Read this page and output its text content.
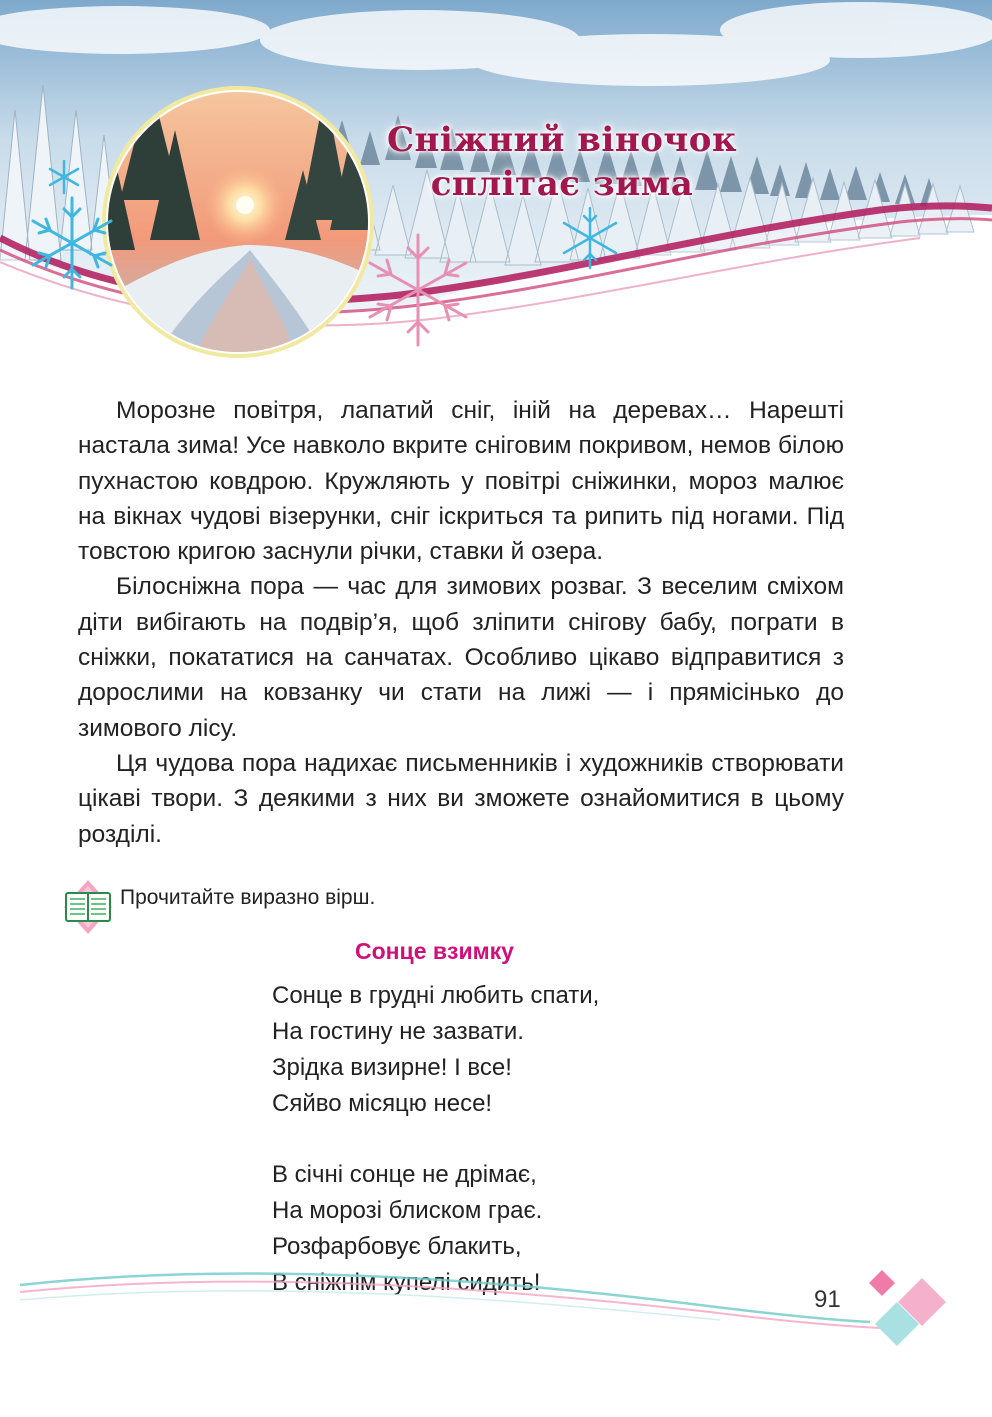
Сніжний віночок
сплітає зима

Морозне повітря, лапатий сніг, іній на деревах… Нарешті настала зима! Усе навколо вкрите сніговим покривом, немов білою пухнастою ковдрою. Кружляють у повітрі сніжинки, мороз малює на вікнах чудові візерунки, сніг іскриться та рипить під ногами. Під товстою кригою заснули річки, ставки й озера.

Білосніжна пора — час для зимових розваг. З веселим сміхом діти вибігають на подвір’я, щоб зліпити снігову бабу, пограти в сніжки, покататися на санчатах. Особливо цікаво відправитися з дорослими на ковзанку чи стати на лижі — і прямісінько до зимового лісу.

Ця чудова пора надихає письменників і художників створювати цікаві твори. З деякими з них ви зможете ознайомитися в цьому розділі.

Прочитайте виразно вірш.
Сонце взимку
Сонце в грудні любить спати,
На гостину не зазвати.
Зрідка визирне! І все!
Сяйво місяцю несе!
В січні сонце не дрімає,
На морозі блиском грає.
Розфарбовує блакить,
В сніжнім купелі сидить!
91
